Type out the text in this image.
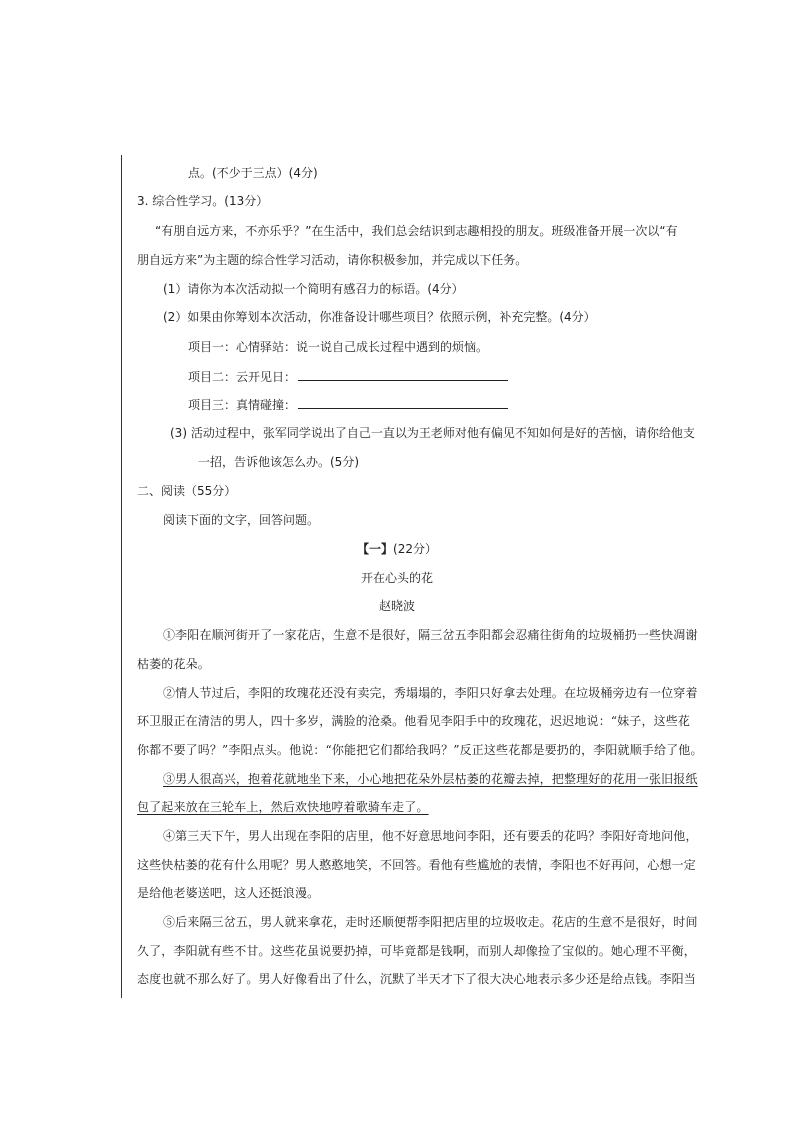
点。(不少于三点）(4分)
3. 综合性学习。(13分）
“有朋自远方来，不亦乐乎？”在生活中，我们总会结识到志趣相投的朋友。班级准备开展一次以“有
朋自远方来”为主题的综合性学习活动，请你积极参加，并完成以下任务。
(1）请你为本次活动拟一个简明有感召力的标语。(4分）
(2）如果由你筹划本次活动，你准备设计哪些项目？依照示例，补充完整。(4分）
项目一：心情驿站：说一说自己成长过程中遇到的烦恼。
项目二：云开见日：
项目三：真情碰撞：
(3) 活动过程中，张军同学说出了自己一直以为王老师对他有偏见不知如何是好的苦恼，请你给他支
一招，告诉他该怎么办。(5分)
二、阅读（55分）
阅读下面的文字，回答问题。
【一】(22分）
开在心头的花
赵晓波
①李阳在顺河街开了一家花店，生意不是很好，隔三岔五李阳都会忍痛往街角的垃圾桶扔一些快凋谢
枯萎的花朵。
②情人节过后，李阳的玫瑰花还没有卖完，秀塌塌的，李阳只好拿去处理。在垃圾桶旁边有一位穿着
环卫服正在清洁的男人，四十多岁，满脸的沧桑。他看见李阳手中的玫瑰花，迟迟地说：“妹子，这些花
你都不要了吗？”李阳点头。他说：“你能把它们都给我吗？”反正这些花都是要扔的，李阳就顺手给了他。
③男人很高兴，抱着花就地坐下来，小心地把花朵外层枯萎的花瓣去掉，把整理好的花用一张旧报纸
包了起来放在三轮车上，然后欢快地哼着歌骑车走了。
④第三天下午，男人出现在李阳的店里，他不好意思地问李阳，还有要丢的花吗？李阳好奇地问他，
这些快枯萎的花有什么用呢？男人憨憨地笑，不回答。看他有些尴尬的表情，李阳也不好再问，心想一定
是给他老婆送吧，这人还挺浪漫。
⑤后来隔三岔五，男人就来拿花，走时还顺便帮李阳把店里的垃圾收走。花店的生意不是很好，时间
久了，李阳就有些不甘。这些花虽说要扔掉，可毕竟都是钱啊，而别人却像捡了宝似的。她心理不平衡，
态度也就不那么好了。男人好像看出了什么，沉默了半天才下了很大决心地表示多少还是给点钱。李阳当
